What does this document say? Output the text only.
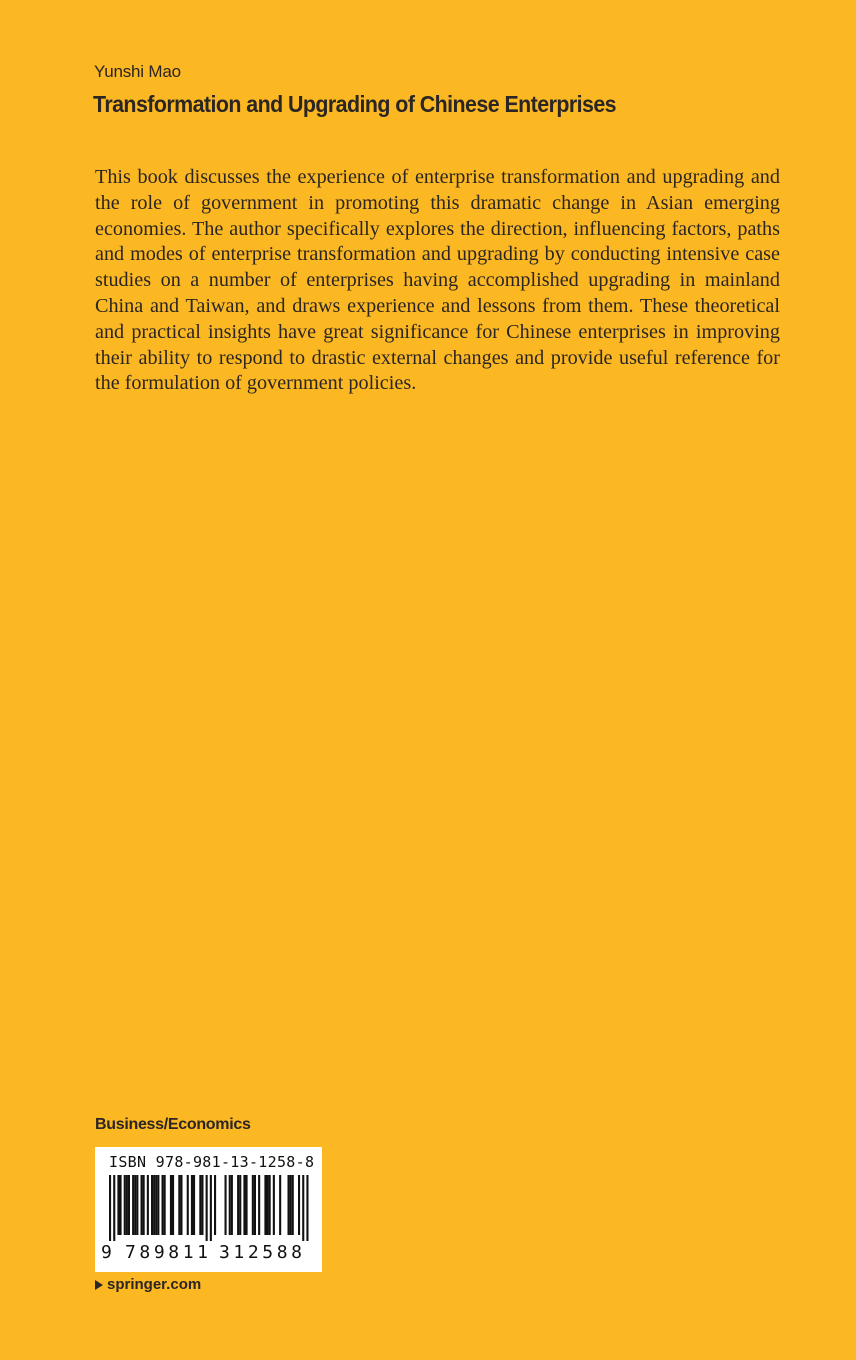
Yunshi Mao

Transformation and Upgrading of Chinese Enterprises

This book discusses the experience of enterprise transformation and upgrading and the role of government in promoting this dramatic change in Asian emerging economies. The author specifically explores the direction, influencing factors, paths and modes of enterprise transformation and upgrading by conducting intensive case studies on a number of enterprises having accomplished upgrading in mainland China and Taiwan, and draws experience and lessons from them. These theoretical and practical insights have great significance for Chinese enterprises in improving their ability to respond to drastic external changes and provide useful reference for the formulation of government policies.

Business/Economics

ISBN 978-981-13-1258-8
9 789811 312588
springer.com
